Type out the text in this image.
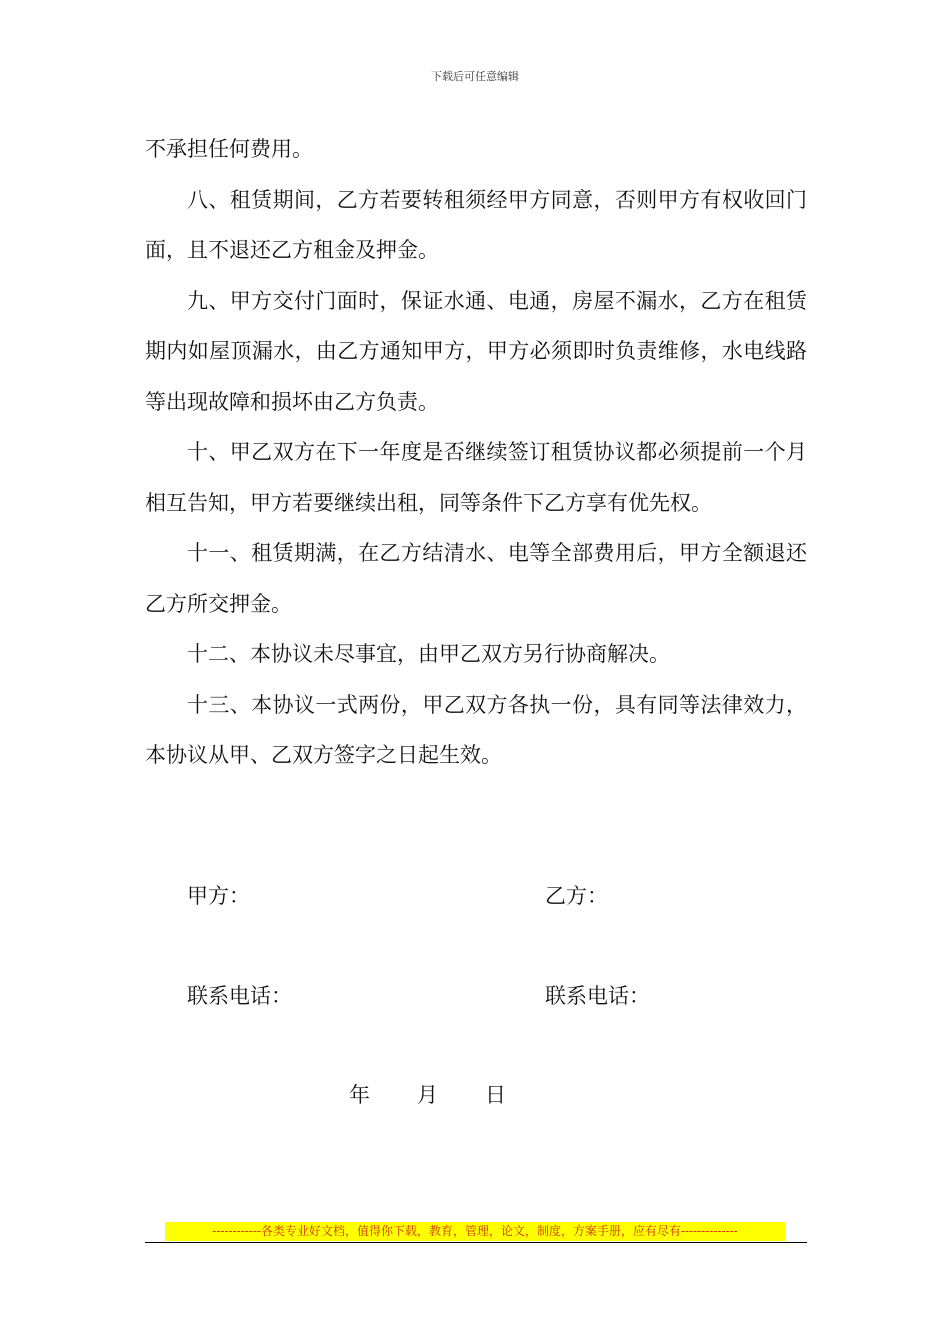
下载后可任意编辑

不承担任何费用。

八、租赁期间，乙方若要转租须经甲方同意，否则甲方有权收回门面，且不退还乙方租金及押金。

九、甲方交付门面时，保证水通、电通，房屋不漏水，乙方在租赁期内如屋顶漏水，由乙方通知甲方，甲方必须即时负责维修，水电线路等出现故障和损坏由乙方负责。

十、甲乙双方在下一年度是否继续签订租赁协议都必须提前一个月相互告知，甲方若要继续出租，同等条件下乙方享有优先权。

十一、租赁期满，在乙方结清水、电等全部费用后，甲方全额退还乙方所交押金。

十二、本协议未尽事宜，由甲乙双方另行协商解决。

十三、本协议一式两份，甲乙双方各执一份，具有同等法律效力，本协议从甲、乙双方签字之日起生效。

甲方：	乙方：
联系电话：	联系电话：
年 月 日
------------各类专业好文档，值得你下载，教育，管理，论文，制度，方案手册，应有尽有--------------
